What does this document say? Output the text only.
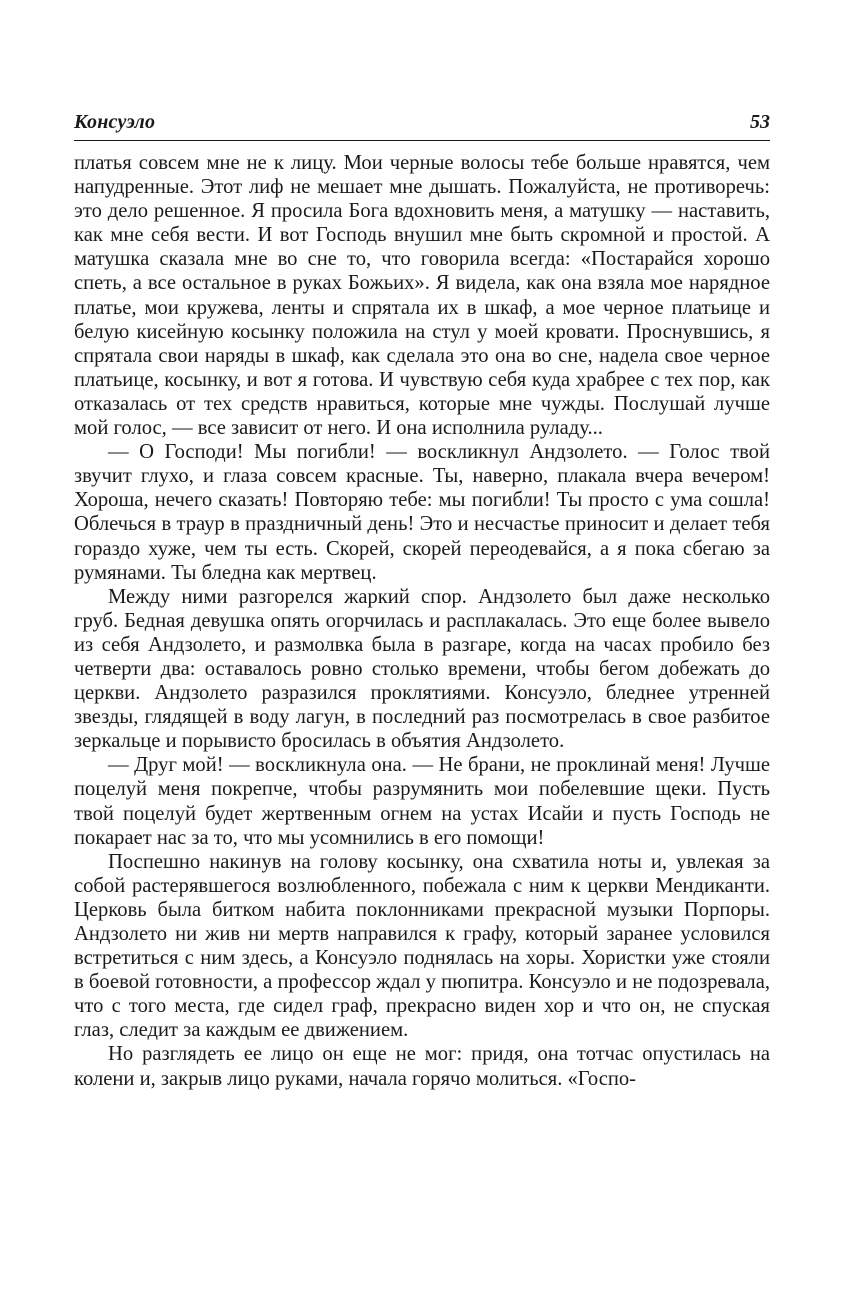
Консуэло	53

платья совсем мне не к лицу. Мои черные волосы тебе больше нравятся, чем напудренные. Этот лиф не мешает мне дышать. Пожалуйста, не противоречь: это дело решенное. Я просила Бога вдохновить меня, а матушку — наставить, как мне себя вести. И вот Господь внушил мне быть скромной и простой. А матушка сказала мне во сне то, что говорила всегда: «Постарайся хорошо спеть, а все остальное в руках Божьих». Я видела, как она взяла мое нарядное платье, мои кружева, ленты и спрятала их в шкаф, а мое черное платьице и белую кисейную косынку положила на стул у моей кровати. Проснувшись, я спрятала свои наряды в шкаф, как сделала это она во сне, надела свое черное платьице, косынку, и вот я готова. И чувствую себя куда храбрее с тех пор, как отказалась от тех средств нравиться, которые мне чужды. Послушай лучше мой голос, — все зависит от него. И она исполнила руладу...

— О Господи! Мы погибли! — воскликнул Андзолето. — Голос твой звучит глухо, и глаза совсем красные. Ты, наверно, плакала вчера вечером! Хороша, нечего сказать! Повторяю тебе: мы погибли! Ты просто с ума сошла! Облечься в траур в праздничный день! Это и несчастье приносит и делает тебя гораздо хуже, чем ты есть. Скорей, скорей переодевайся, а я пока сбегаю за румянами. Ты бледна как мертвец.

Между ними разгорелся жаркий спор. Андзолето был даже несколько груб. Бедная девушка опять огорчилась и расплакалась. Это еще более вывело из себя Андзолето, и размолвка была в разгаре, когда на часах пробило без четверти два: оставалось ровно столько времени, чтобы бегом добежать до церкви. Андзолето разразился проклятиями. Консуэло, бледнее утренней звезды, глядящей в воду лагун, в последний раз посмотрелась в свое разбитое зеркальце и порывисто бросилась в объятия Андзолето.

— Друг мой! — воскликнула она. — Не брани, не проклинай меня! Лучше поцелуй меня покрепче, чтобы разрумянить мои побелевшие щеки. Пусть твой поцелуй будет жертвенным огнем на устах Исайи и пусть Господь не покарает нас за то, что мы усомнились в его помощи!

Поспешно накинув на голову косынку, она схватила ноты и, увлекая за собой растерявшегося возлюбленного, побежала с ним к церкви Мендиканти. Церковь была битком набита поклонниками прекрасной музыки Порпоры. Андзолето ни жив ни мертв направился к графу, который заранее условился встретиться с ним здесь, а Консуэло поднялась на хоры. Хористки уже стояли в боевой готовности, а профессор ждал у пюпитра. Консуэло и не подозревала, что с того места, где сидел граф, прекрасно виден хор и что он, не спуская глаз, следит за каждым ее движением.

Но разглядеть ее лицо он еще не мог: придя, она тотчас опустилась на колени и, закрыв лицо руками, начала горячо молиться. «Госпо-
